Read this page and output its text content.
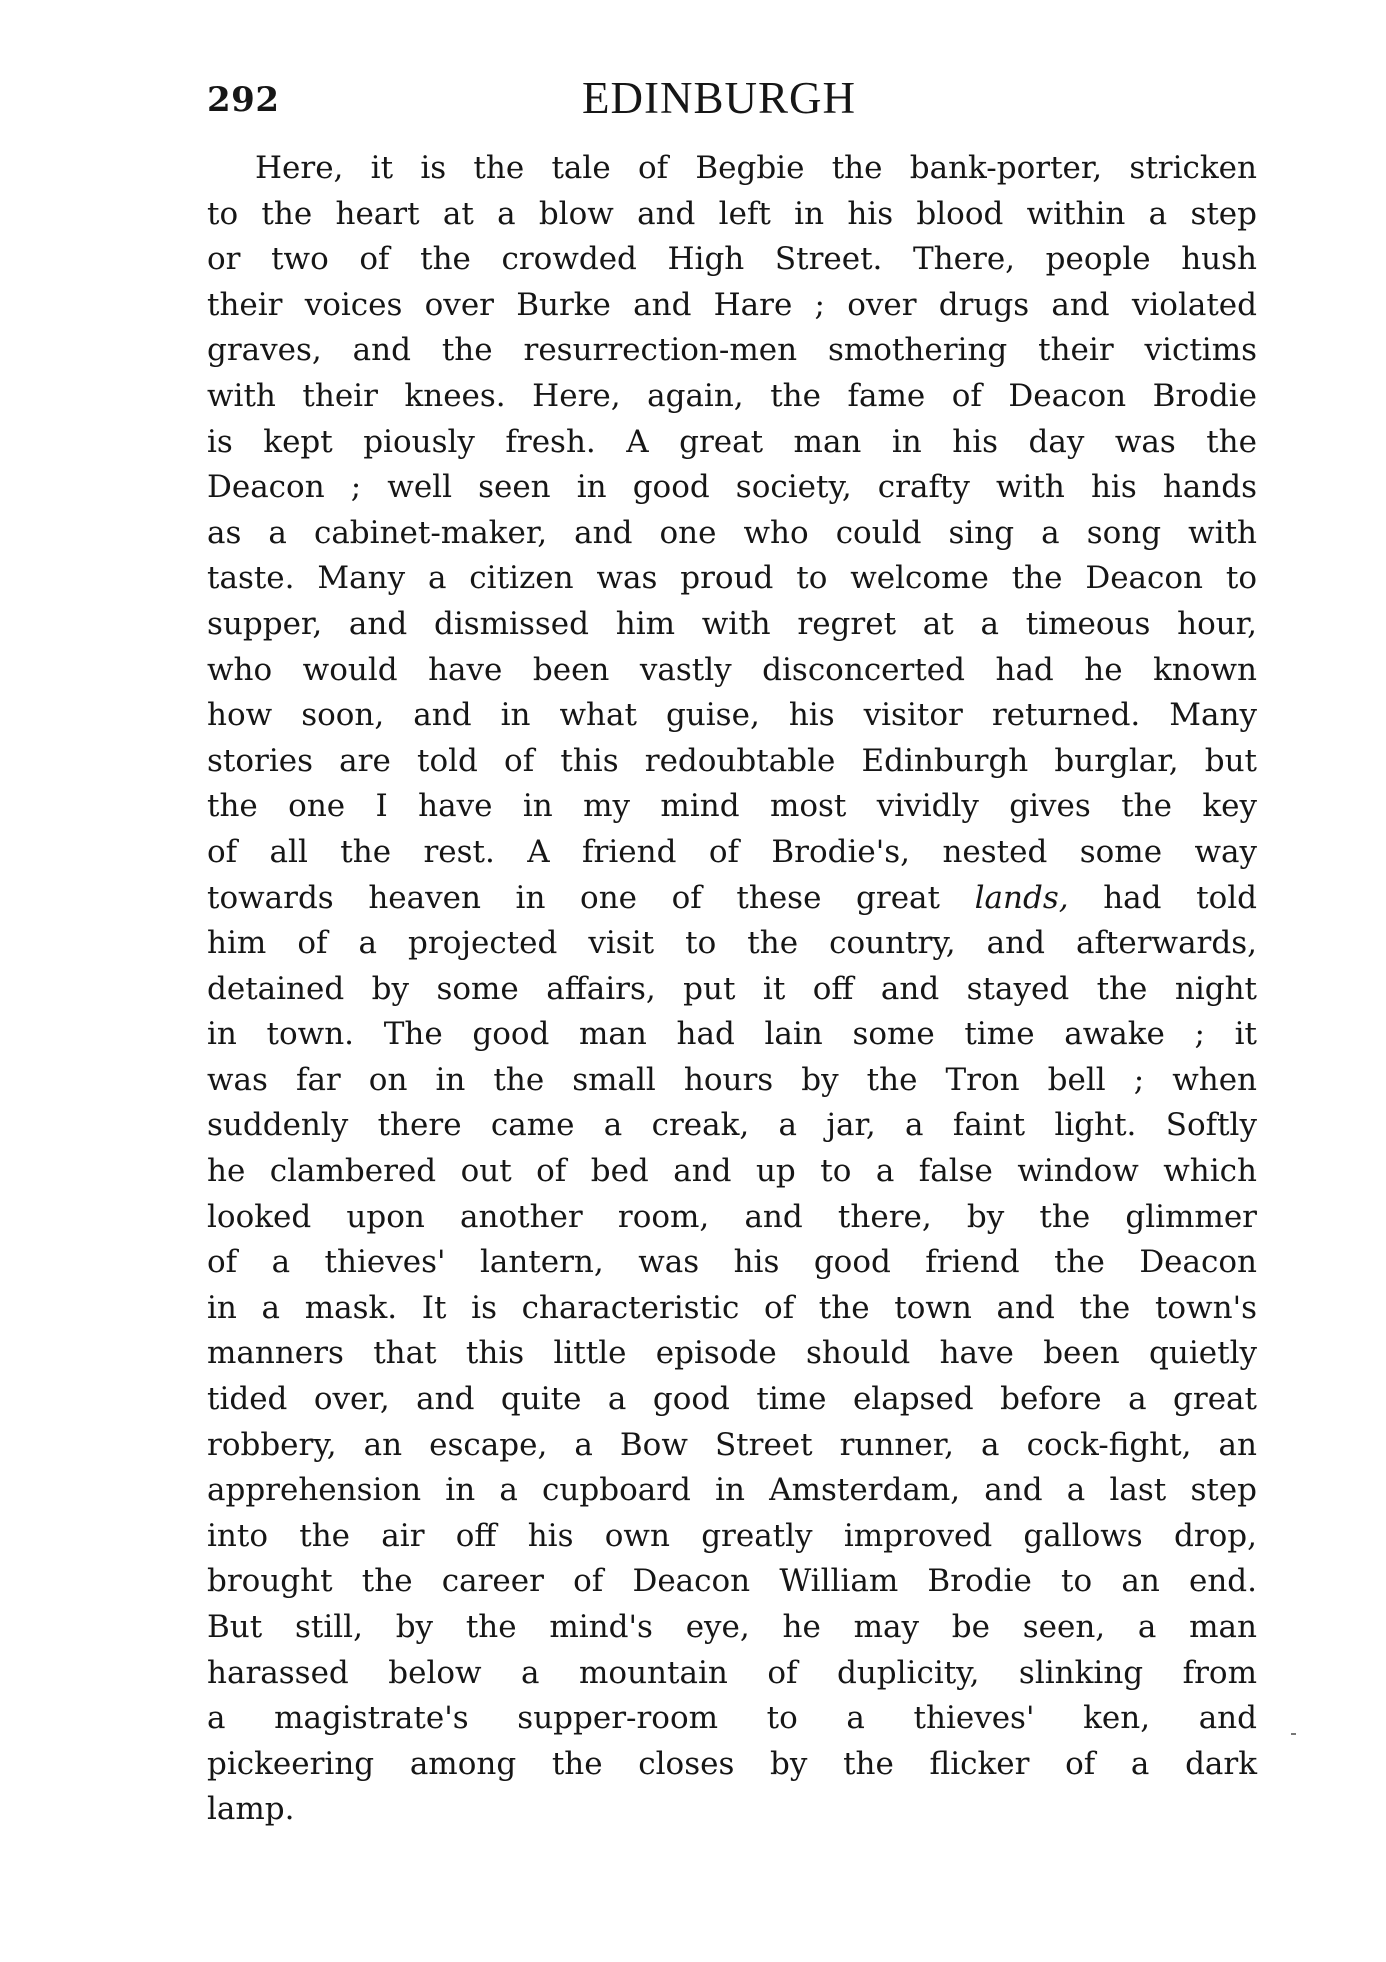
292	EDINBURGH
Here, it is the tale of Begbie the bank-porter, stricken
to the heart at a blow and left in his blood within a step
or two of the crowded High Street. There, people hush
their voices over Burke and Hare ; over drugs and violated
graves, and the resurrection-men smothering their victims
with their knees. Here, again, the fame of Deacon Brodie
is kept piously fresh. A great man in his day was the
Deacon ; well seen in good society, crafty with his hands
as a cabinet-maker, and one who could sing a song with
taste. Many a citizen was proud to welcome the Deacon to
supper, and dismissed him with regret at a timeous hour,
who would have been vastly disconcerted had he known
how soon, and in what guise, his visitor returned. Many
stories are told of this redoubtable Edinburgh burglar, but
the one I have in my mind most vividly gives the key
of all the rest. A friend of Brodie's, nested some way
towards heaven in one of these great lands, had told
him of a projected visit to the country, and afterwards,
detained by some affairs, put it off and stayed the night
in town. The good man had lain some time awake ; it
was far on in the small hours by the Tron bell ; when
suddenly there came a creak, a jar, a faint light. Softly
he clambered out of bed and up to a false window which
looked upon another room, and there, by the glimmer
of a thieves' lantern, was his good friend the Deacon
in a mask. It is characteristic of the town and the town's
manners that this little episode should have been quietly
tided over, and quite a good time elapsed before a great
robbery, an escape, a Bow Street runner, a cock-fight, an
apprehension in a cupboard in Amsterdam, and a last step
into the air off his own greatly improved gallows drop,
brought the career of Deacon William Brodie to an end.
But still, by the mind's eye, he may be seen, a man
harassed below a mountain of duplicity, slinking from
a magistrate's supper-room to a thieves' ken, and
pickeering among the closes by the flicker of a dark
lamp.
